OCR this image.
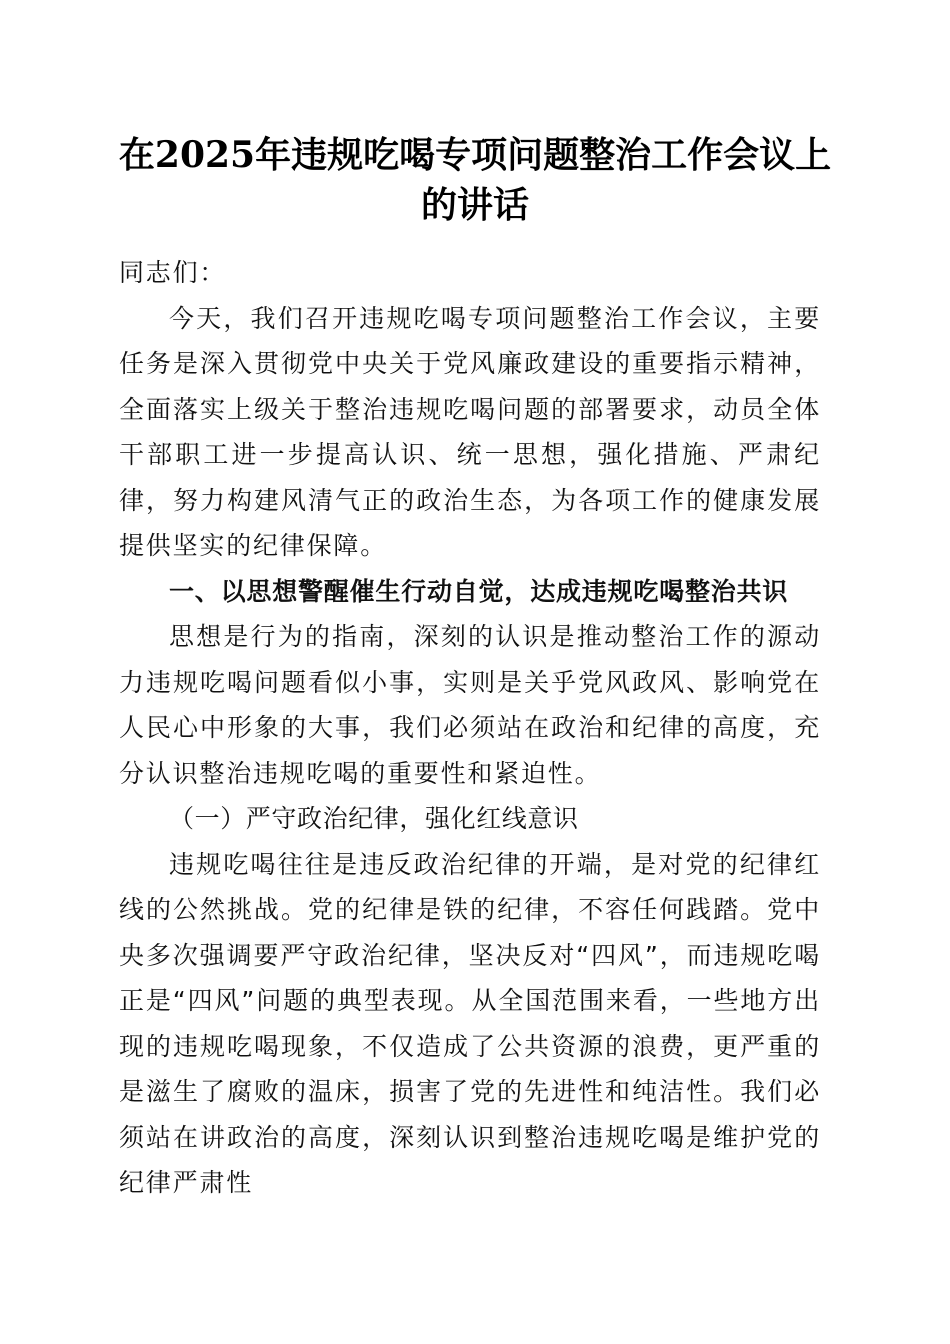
在2025年违规吃喝专项问题整治工作会议上的讲话

同志们：

今天，我们召开违规吃喝专项问题整治工作会议，主要任务是深入贯彻党中央关于党风廉政建设的重要指示精神，全面落实上级关于整治违规吃喝问题的部署要求，动员全体干部职工进一步提高认识、统一思想，强化措施、严肃纪律，努力构建风清气正的政治生态，为各项工作的健康发展提供坚实的纪律保障。

一、以思想警醒催生行动自觉，达成违规吃喝整治共识

思想是行为的指南，深刻的认识是推动整治工作的源动力违规吃喝问题看似小事，实则是关乎党风政风、影响党在人民心中形象的大事，我们必须站在政治和纪律的高度，充分认识整治违规吃喝的重要性和紧迫性。

（一）严守政治纪律，强化红线意识

违规吃喝往往是违反政治纪律的开端，是对党的纪律红线的公然挑战。党的纪律是铁的纪律，不容任何践踏。党中央多次强调要严守政治纪律，坚决反对“四风”，而违规吃喝正是“四风”问题的典型表现。从全国范围来看，一些地方出现的违规吃喝现象，不仅造成了公共资源的浪费，更严重的是滋生了腐败的温床，损害了党的先进性和纯洁性。我们必须站在讲政治的高度，深刻认识到整治违规吃喝是维护党的纪律严肃性
